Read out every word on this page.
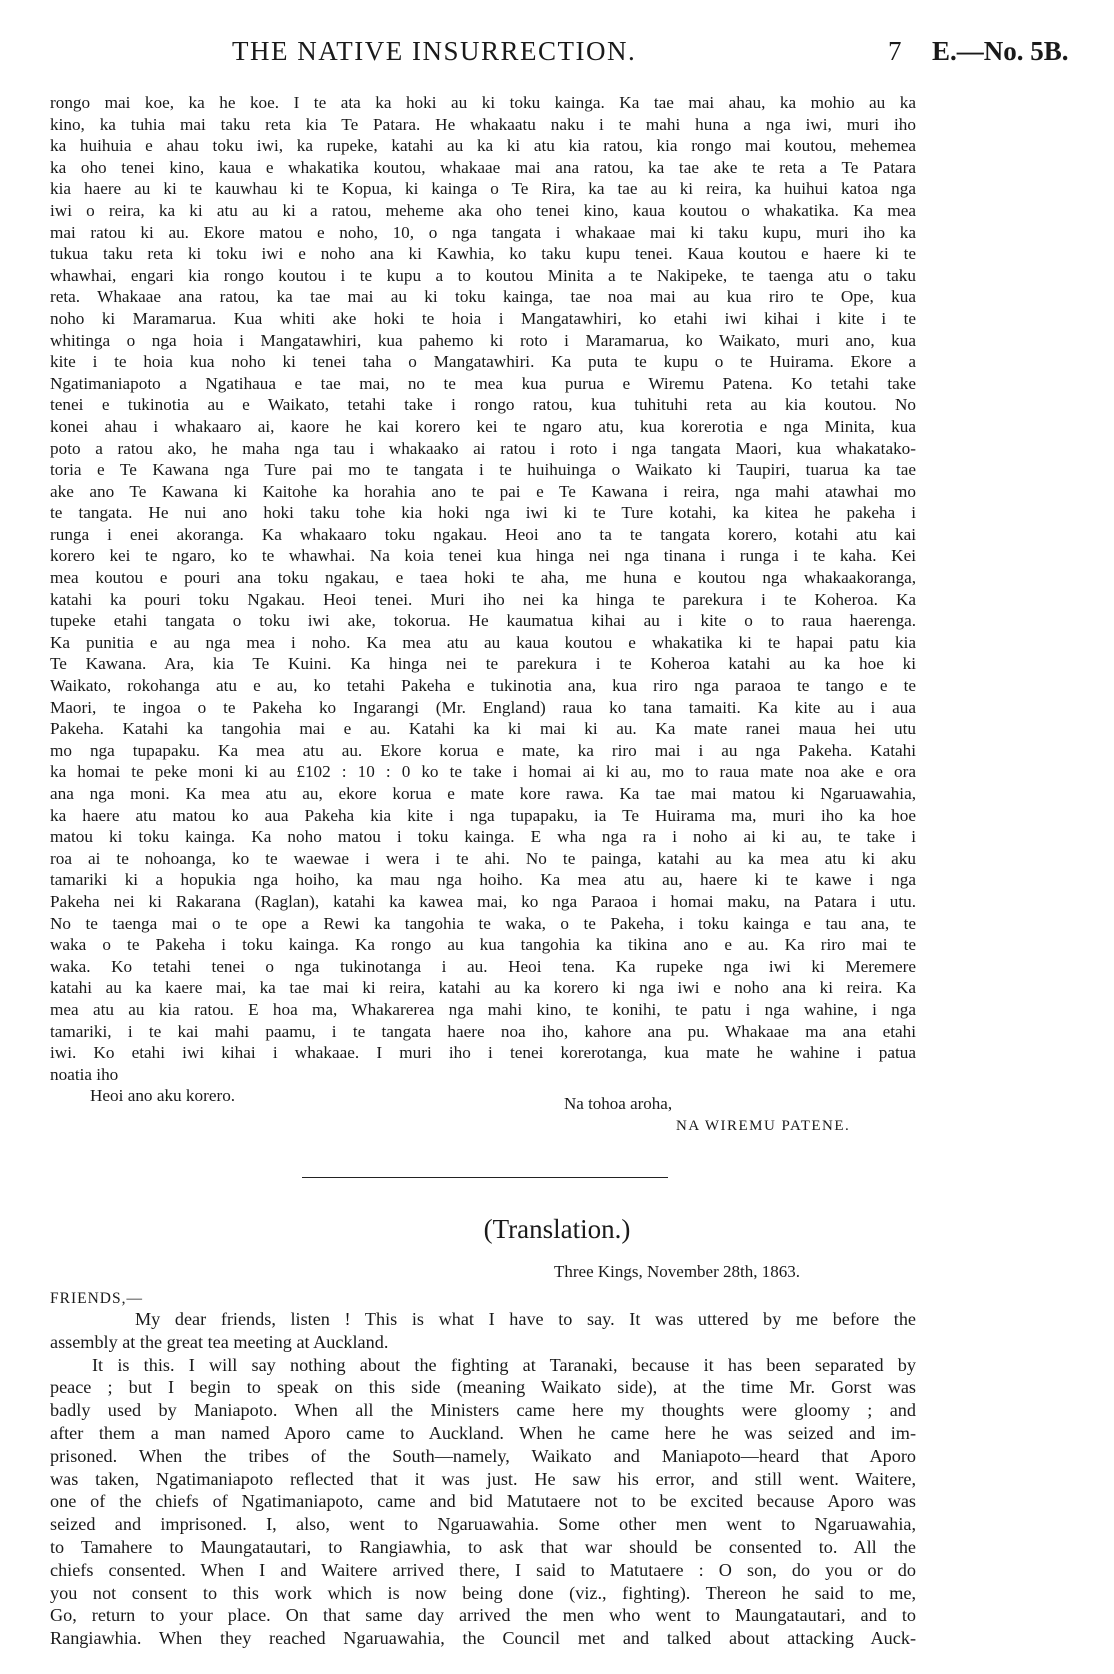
THE NATIVE INSURRECTION.	7 E.—No. 5B.
rongo mai koe, ka he koe. I te ata ka hoki au ki toku kainga. Ka tae mai ahau, ka mohio au ka
kino, ka tuhia mai taku reta kia Te Patara. He whakaatu naku i te mahi huna a nga iwi, muri iho
ka huihuia e ahau toku iwi, ka rupeke, katahi au ka ki atu kia ratou, kia rongo mai koutou, mehemea
ka oho tenei kino, kaua e whakatika koutou, whakaae mai ana ratou, ka tae ake te reta a Te Patara
kia haere au ki te kauwhau ki te Kopua, ki kainga o Te Rira, ka tae au ki reira, ka huihui katoa nga
iwi o reira, ka ki atu au ki a ratou, meheme aka oho tenei kino, kaua koutou o whakatika. Ka mea
mai ratou ki au. Ekore matou e noho, 10, o nga tangata i whakaae mai ki taku kupu, muri iho ka
tukua taku reta ki toku iwi e noho ana ki Kawhia, ko taku kupu tenei. Kaua koutou e haere ki te
whawhai, engari kia rongo koutou i te kupu a to koutou Minita a te Nakipeke, te taenga atu o taku
reta. Whakaae ana ratou, ka tae mai au ki toku kainga, tae noa mai au kua riro te Ope, kua
noho ki Maramarua. Kua whiti ake hoki te hoia i Mangatawhiri, ko etahi iwi kihai i kite i te
whitinga o nga hoia i Mangatawhiri, kua pahemo ki roto i Maramarua, ko Waikato, muri ano, kua
kite i te hoia kua noho ki tenei taha o Mangatawhiri. Ka puta te kupu o te Huirama. Ekore a
Ngatimaniapoto a Ngatihaua e tae mai, no te mea kua purua e Wiremu Patena. Ko tetahi take
tenei e tukinotia au e Waikato, tetahi take i rongo ratou, kua tuhituhi reta au kia koutou. No
konei ahau i whakaaro ai, kaore he kai korero kei te ngaro atu, kua korerotia e nga Minita, kua
poto a ratou ako, he maha nga tau i whakaako ai ratou i roto i nga tangata Maori, kua whakatako-
toria e Te Kawana nga Ture pai mo te tangata i te huihuinga o Waikato ki Taupiri, tuarua ka tae
ake ano Te Kawana ki Kaitohe ka horahia ano te pai e Te Kawana i reira, nga mahi atawhai mo
te tangata. He nui ano hoki taku tohe kia hoki nga iwi ki te Ture kotahi, ka kitea he pakeha i
runga i enei akoranga. Ka whakaaro toku ngakau. Heoi ano ta te tangata korero, kotahi atu kai
korero kei te ngaro, ko te whawhai. Na koia tenei kua hinga nei nga tinana i runga i te kaha. Kei
mea koutou e pouri ana toku ngakau, e taea hoki te aha, me huna e koutou nga whakaakoranga,
katahi ka pouri toku Ngakau. Heoi tenei. Muri iho nei ka hinga te parekura i te Koheroa. Ka
tupeke etahi tangata o toku iwi ake, tokorua. He kaumatua kihai au i kite o to raua haerenga.
Ka punitia e au nga mea i noho. Ka mea atu au kaua koutou e whakatika ki te hapai patu kia
Te Kawana. Ara, kia Te Kuini. Ka hinga nei te parekura i te Koheroa katahi au ka hoe ki
Waikato, rokohanga atu e au, ko tetahi Pakeha e tukinotia ana, kua riro nga paraoa te tango e te
Maori, te ingoa o te Pakeha ko Ingarangi (Mr. England) raua ko tana tamaiti. Ka kite au i aua
Pakeha. Katahi ka tangohia mai e au. Katahi ka ki mai ki au. Ka mate ranei maua hei utu
mo nga tupapaku. Ka mea atu au. Ekore korua e mate, ka riro mai i au nga Pakeha. Katahi
ka homai te peke moni ki au £102 : 10 : 0 ko te take i homai ai ki au, mo to raua mate noa ake e ora
ana nga moni. Ka mea atu au, ekore korua e mate kore rawa. Ka tae mai matou ki Ngaruawahia,
ka haere atu matou ko aua Pakeha kia kite i nga tupapaku, ia Te Huirama ma, muri iho ka hoe
matou ki toku kainga. Ka noho matou i toku kainga. E wha nga ra i noho ai ki au, te take i
roa ai te nohoanga, ko te waewae i wera i te ahi. No te painga, katahi au ka mea atu ki aku
tamariki ki a hopukia nga hoiho, ka mau nga hoiho. Ka mea atu au, haere ki te kawe i nga
Pakeha nei ki Rakarana (Raglan), katahi ka kawea mai, ko nga Paraoa i homai maku, na Patara i utu.
No te taenga mai o te ope a Rewi ka tangohia te waka, o te Pakeha, i toku kainga e tau ana, te
waka o te Pakeha i toku kainga. Ka rongo au kua tangohia ka tikina ano e au. Ka riro mai te
waka. Ko tetahi tenei o nga tukinotanga i au. Heoi tena. Ka rupeke nga iwi ki Meremere
katahi au ka kaere mai, ka tae mai ki reira, katahi au ka korero ki nga iwi e noho ana ki reira. Ka
mea atu au kia ratou. E hoa ma, Whakarerea nga mahi kino, te konihi, te patu i nga wahine, i nga
tamariki, i te kai mahi paamu, i te tangata haere noa iho, kahore ana pu. Whakaae ma ana etahi
iwi. Ko etahi iwi kihai i whakaae. I muri iho i tenei korerotanga, kua mate he wahine i patua
noatia iho
Heoi ano aku korero.	Na tohoa aroha,
NA WIREMU PATENE.
(Translation.)
Three Kings, November 28th, 1863.
FRIENDS,—
My dear friends, listen ! This is what I have to say. It was uttered by me before the
assembly at the great tea meeting at Auckland.
It is this. I will say nothing about the fighting at Taranaki, because it has been separated by
peace ; but I begin to speak on this side (meaning Waikato side), at the time Mr. Gorst was
badly used by Maniapoto. When all the Ministers came here my thoughts were gloomy ; and
after them a man named Aporo came to Auckland. When he came here he was seized and im-
prisoned. When the tribes of the South—namely, Waikato and Maniapoto—heard that Aporo
was taken, Ngatimaniapoto reflected that it was just. He saw his error, and still went. Waitere,
one of the chiefs of Ngatimaniapoto, came and bid Matutaere not to be excited because Aporo was
seized and imprisoned. I, also, went to Ngaruawahia. Some other men went to Ngaruawahia,
to Tamahere to Maungatautari, to Rangiawhia, to ask that war should be consented to. All the
chiefs consented. When I and Waitere arrived there, I said to Matutaere : O son, do you or do
you not consent to this work which is now being done (viz., fighting). Thereon he said to me,
Go, return to your place. On that same day arrived the men who went to Maungatautari, and to
Rangiawhia. When they reached Ngaruawahia, the Council met and talked about attacking Auck-
